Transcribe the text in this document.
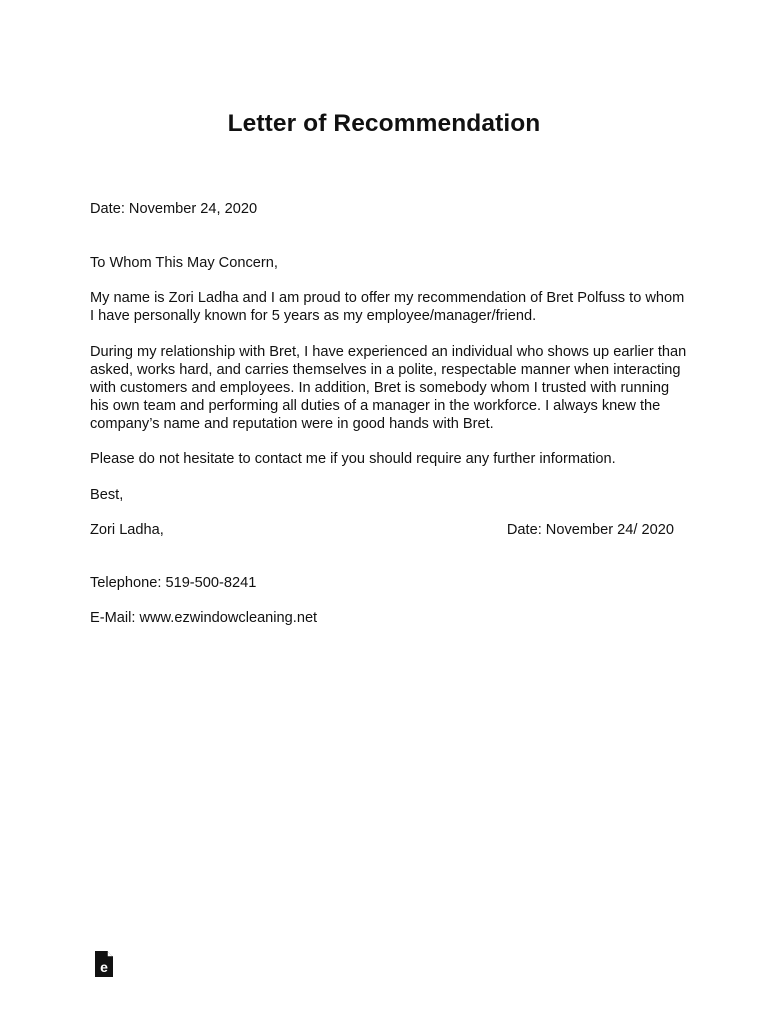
Letter of Recommendation

Date: November 24, 2020

To Whom This May Concern,

My name is Zori Ladha and I am proud to offer my recommendation of Bret Polfuss to whom I have personally known for 5 years as my employee/manager/friend.

During my relationship with Bret, I have experienced an individual who shows up earlier than asked, works hard, and carries themselves in a polite, respectable manner when interacting with customers and employees. In addition, Bret is somebody whom I trusted with running his own team and performing all duties of a manager in the workforce. I always knew the company’s name and reputation were in good hands with Bret.

Please do not hesitate to contact me if you should require any further information.

Best,

Zori Ladha,	Date: November 24/ 2020

Telephone: 519-500-8241

E-Mail: www.ezwindowcleaning.net

e
